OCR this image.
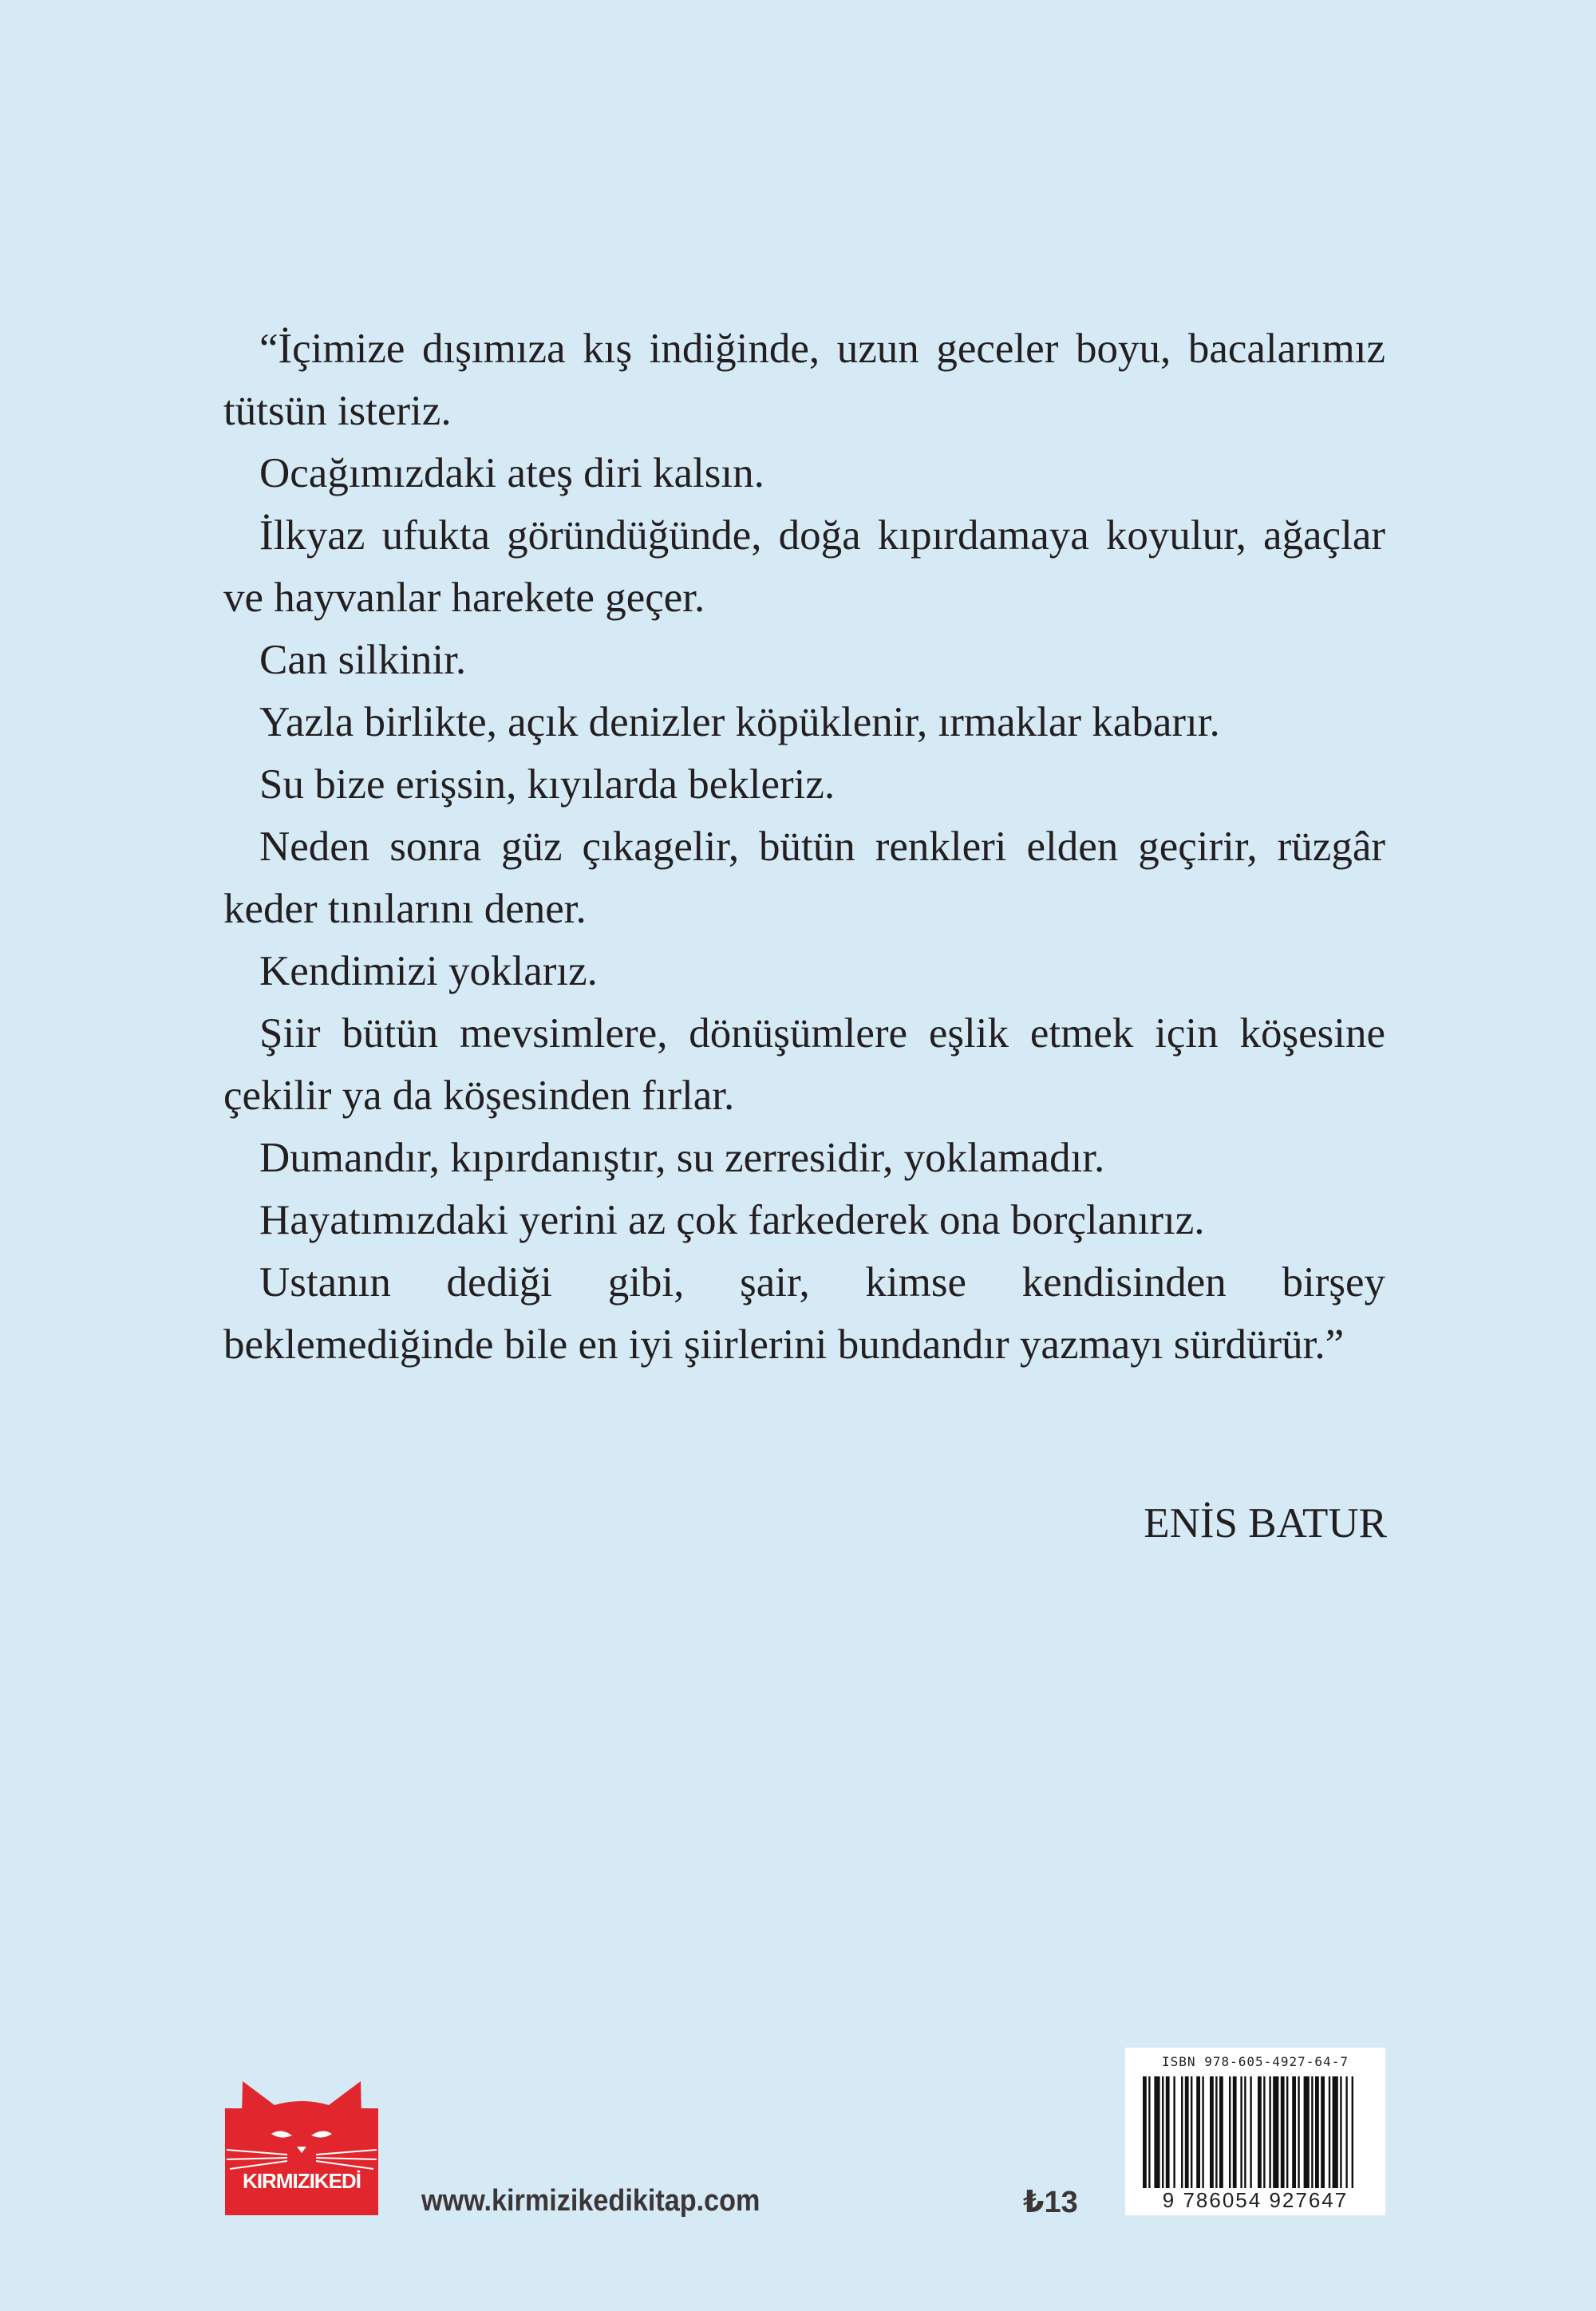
“İçimize dışımıza kış indiğinde, uzun geceler boyu, bacalarımız tütsün isteriz.

Ocağımızdaki ateş diri kalsın.

İlkyaz ufukta göründüğünde, doğa kıpırdamaya koyulur, ağaçlar ve hayvanlar harekete geçer.

Can silkinir.

Yazla birlikte, açık denizler köpüklenir, ırmaklar kabarır.

Su bize erişsin, kıyılarda bekleriz.

Neden sonra güz çıkagelir, bütün renkleri elden geçirir, rüzgâr keder tınılarını dener.

Kendimizi yoklarız.

Şiir bütün mevsimlere, dönüşümlere eşlik etmek için köşesine çekilir ya da köşesinden fırlar.

Dumandır, kıpırdanıştır, su zerresidir, yoklamadır.

Hayatımızdaki yerini az çok farkederek ona borçlanırız.

Ustanın dediği gibi, şair, kimse kendisinden birşey beklemediğinde bile en iyi şiirlerini bundandır yazmayı sürdürür.”

ENİS BATUR
KIRMIZIKEDİ
www.kirmizikedikitap.com	₺13
ISBN 978-605-4927-64-7
9 786054 927647
